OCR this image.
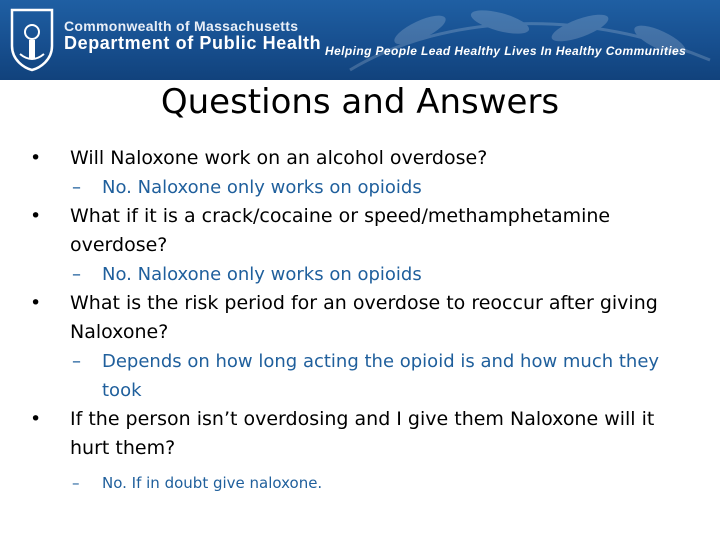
Commonwealth of Massachusetts
Department of Public Health Helping People Lead Healthy Lives In Healthy Communities
Questions and Answers
•	Will Naloxone work on an alcohol overdose?
– No. Naloxone only works on opioids
•	What if it is a crack/cocaine or speed/methamphetamine overdose?
– No. Naloxone only works on opioids
•	What is the risk period for an overdose to reoccur after giving Naloxone?
– Depends on how long acting the opioid is and how much they took
•	If the person isn’t overdosing and I give them Naloxone will it hurt them?
– No. If in doubt give naloxone.
